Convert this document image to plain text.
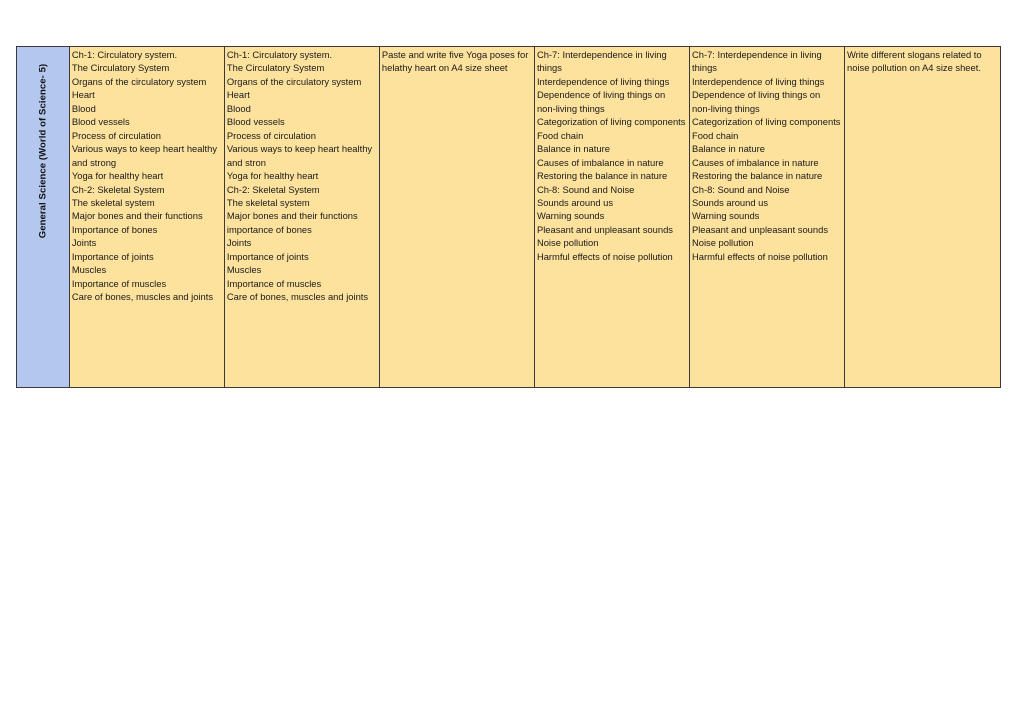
General Science (World of Science- 5)
Ch-1: Circulatory system.
The Circulatory System
Organs of the circulatory system
Heart
Blood
Blood vessels
Process of circulation
Various ways to keep heart healthy
and strong
Yoga for healthy heart
Ch-2: Skeletal System
The skeletal system
Major bones and their functions
Importance of bones
Joints
Importance of joints
Muscles
Importance of muscles
Care of bones, muscles and joints
Ch-1: Circulatory system.
The Circulatory System
Organs of the circulatory system
Heart
Blood
Blood vessels
Process of circulation
Various ways to keep heart healthy
and stron
Yoga for healthy heart
Ch-2: Skeletal System
The skeletal system
Major bones and their functions
importance of bones
Joints
Importance of joints
Muscles
Importance of muscles
Care of bones, muscles and joints
Paste and write five Yoga poses for
helathy heart on A4 size sheet
Ch-7: Interdependence in living
things
Interdependence of living things
Dependence of living things on
non-living things
Categorization of living components
Food chain
Balance in nature
Causes of imbalance in nature
Restoring the balance in nature
Ch-8: Sound and Noise
Sounds around us
Warning sounds
Pleasant and unpleasant sounds
Noise pollution
Harmful effects of noise pollution
Ch-7: Interdependence in living
things
Interdependence of living things
Dependence of living things on
non-living things
Categorization of living components
Food chain
Balance in nature
Causes of imbalance in nature
Restoring the balance in nature
Ch-8: Sound and Noise
Sounds around us
Warning sounds
Pleasant and unpleasant sounds
Noise pollution
Harmful effects of noise pollution
Write different slogans related to
noise pollution on A4 size sheet.
